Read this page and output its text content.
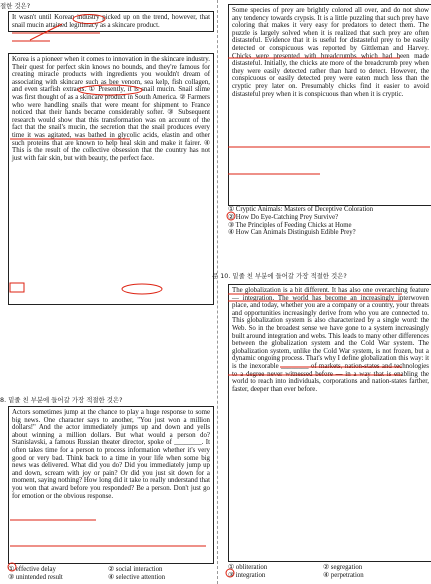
절한 것은?

It wasn't until Korean industry picked up on the trend, however, that snail mucin attained legitimacy as a skincare product.

Korea is a pioneer when it comes to innovation in the skincare industry. Their quest for perfect skin knows no bounds, and they're famous for creating miracle products with ingredients you wouldn't dream of associating with skincare such as bee venom, sea kelp, fish collagen, and even starfish extracts. ① Presently, it is snail mucin. Snail slime was first thought of as a skincare product in South America. ② Farmers who were handling snails that were meant for shipment to France noticed that their hands became considerably softer. ③ Subsequent research would show that this transformation was on account of the fact that the snail's mucin, the secretion that the snail produces every time it was agitated, was bathed in glycolic acids, elastin and other such proteins that are known to help heal skin and make it fairer. ④ This is the result of the collective obsession that the country has not just with fair skin, but with beauty, the perfect face.

8. 밑줄 친 부분에 들어갈 가장 적절한 것은?

Actors sometimes jump at the chance to play a huge response to some big news. One character says to another, "You just won a million dollars!" And the actor immediately jumps up and down and yells about winning a million dollars. But what would a person do? Stanislavski, a famous Russian theater director, spoke of ________. It often takes time for a person to process information whether it's very good or very bad. Think back to a time in your life when some big news was delivered. What did you do? Did you immediately jump up and down, scream with joy or pain? Or did you just sit down for a moment, saying nothing? How long did it take to really understand that you won that award before you responded? Be a person. Don't just go for emotion or the obvious response.

① effective delay	② social interaction
③ unintended result	④ selective attention

Some species of prey are brightly colored all over, and do not show any tendency towards crypsis. It is a little puzzling that such prey have coloring that makes it very easy for predators to detect them. The puzzle is largely solved when it is realized that such prey are often distasteful. Evidence that it is useful for distasteful prey to be easily detected or conspicuous was reported by Gittleman and Harvey. Chicks were presented with breadcrumbs which had been made distasteful. Initially, the chicks ate more of the breadcrumb prey when they were easily detected rather than hard to detect. However, the conspicuous or easily detected prey were eaten much less than the cryptic prey later on. Presumably chicks find it easier to avoid distasteful prey when it is conspicuous than when it is cryptic.

① Cryptic Animals: Masters of Deceptive Coloration
② How Do Eye-Catching Prey Survive?
③ The Principles of Feeding Chicks at Home
④ How Can Animals Distinguish Edible Prey?
문 10. 밑줄 친 부분에 들어갈 가장 적절한 것은?

The globalization is a bit different. It has also one overarching feature — integration. The world has become an increasingly interwoven place, and today, whether you are a company or a country, your threats and opportunities increasingly derive from who you are connected to. This globalization system is also characterized by a single word: the Web. So in the broadest sense we have gone to a system increasingly built around integration and webs. This leads to many other differences between the globalization system and the Cold War system. The globalization system, unlike the Cold War system, is not frozen, but a dynamic ongoing process. That's why I define globalization this way: it is the inexorable ________ of markets, nation-states and technologies to a degree never witnessed before — in a way that is enabling the world to reach into individuals, corporations and nation-states farther, faster, deeper than ever before.

① obliteration	② segregation
③ integration	④ perpetration
